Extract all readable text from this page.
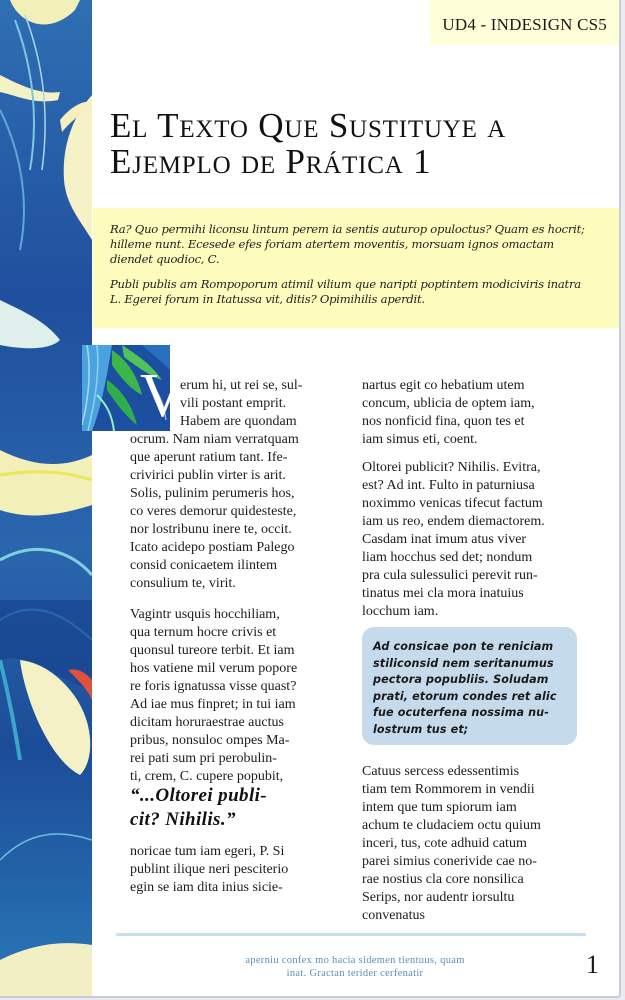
UD4 - INDESIGN CS5
El Texto Que Sustituye a
Ejemplo de Prática 1

Ra? Quo permihi liconsu lintum perem ia sentis auturop opuloctus? Quam es hocrit; hilleme nunt. Ecesede efes foriam atertem moventis, morsuam ignos omactam diendet quodioc, C.

Publi publis am Rompoporum atimil vilium que naripti poptintem modiciviris inatra L. Egerei forum in Itatussa vit, ditis? Opimihilis aperdit.

V
erum hi, ut rei se, sul-
vili postant emprit.
Habem are quondam
ocrum. Nam niam verratquam
que aperunt ratium tant. Ife-
crivirici publin virter is arit.
Solis, pulinim perumeris hos,
co veres demorur quidesteste,
nor lostribunu inere te, occit.
Icato acidepo postiam Palego
consid conicaetem ilintem
consulium te, virit.
Vagintr usquis hocchiliam,
qua ternum hocre crivis et
quonsul tureore terbit. Et iam
hos vatiene mil verum popore
re foris ignatussa visse quast?
Ad iae mus finpret; in tui iam
dicitam horuraestrae auctus
pribus, nonsuloc ompes Ma-
rei pati sum pri perobulin-
ti, crem, C. cupere popubit,
“...Oltorei publi-
cit? Nihilis.”
noricae tum iam egeri, P. Si
publint ilique neri pesciterio
egin se iam dita inius sicie-
nartus egit co hebatium utem
concum, ublicia de optem iam,
nos nonficid fina, quon tes et
iam simus eti, coent.
Oltorei publicit? Nihilis. Evitra,
est? Ad int. Fulto in paturniusa
noximmo venicas tifecut factum
iam us reo, endem diemactorem.
Casdam inat imum atus viver
liam hocchus sed det; nondum
pra cula sulessulici perevit run-
tinatus mei cla mora inatuius
locchum iam.

Ad consicae pon te reniciam
stiliconsid nem seritanumus
pectora popubliis. Soludam
prati, etorum condes ret alic
fue ocuterfena nossima nu-
lostrum tus et;

Catuus sercess edessentimis
tiam tem Rommorem in vendii
intem que tum spiorum iam
achum te cludaciem octu quium
inceri, tus, cote adhuid catum
parei simius conerivide cae no-
rae nostius cla core nonsilica
Serips, nor audentr iorsultu
convenatus
aperniu confex mo hacia sidemen tientuus, quam
inat. Gractan terider cerfenatir	1
